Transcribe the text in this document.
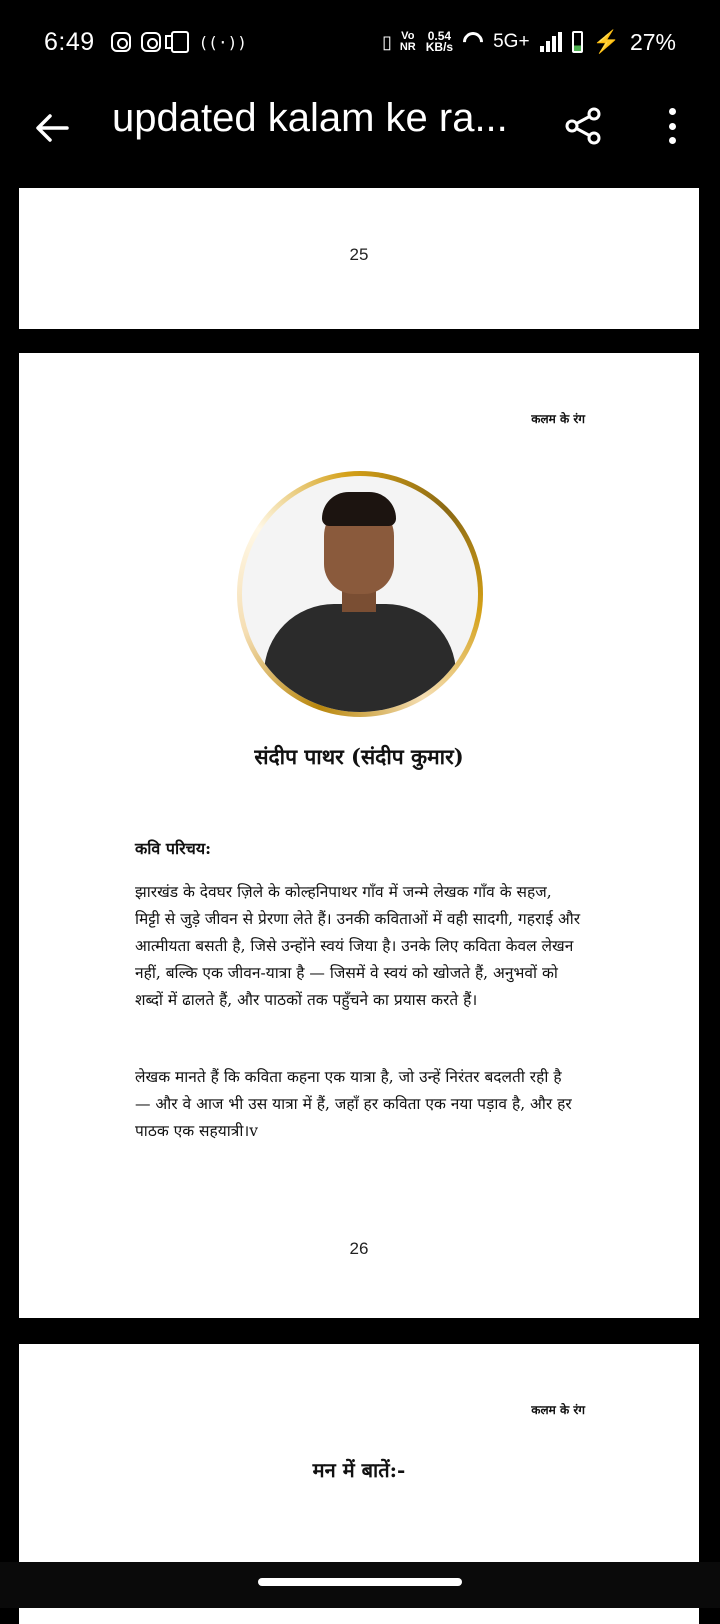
6:49	((·))	▯ Vo
NR
0.54
KB/s 5G+	⚡ 27%
updated kalam ke ra...
25
कलम के रंग
संदीप पाथर (संदीप कुमार)
कवि परिचय:
झारखंड के देवघर ज़िले के कोल्हनिपाथर गाँव में जन्मे लेखक गाँव के सहज, मिट्टी से जुड़े जीवन से प्रेरणा लेते हैं। उनकी कविताओं में वही सादगी, गहराई और आत्मीयता बसती है, जिसे उन्होंने स्वयं जिया है। उनके लिए कविता केवल लेखन नहीं, बल्कि एक जीवन-यात्रा है — जिसमें वे स्वयं को खोजते हैं, अनुभवों को शब्दों में ढालते हैं, और पाठकों तक पहुँचने का प्रयास करते हैं।
लेखक मानते हैं कि कविता कहना एक यात्रा है, जो उन्हें निरंतर बदलती रही है — और वे आज भी उस यात्रा में हैं, जहाँ हर कविता एक नया पड़ाव है, और हर पाठक एक सहयात्री।v
26
कलम के रंग
मन में बातें:-
